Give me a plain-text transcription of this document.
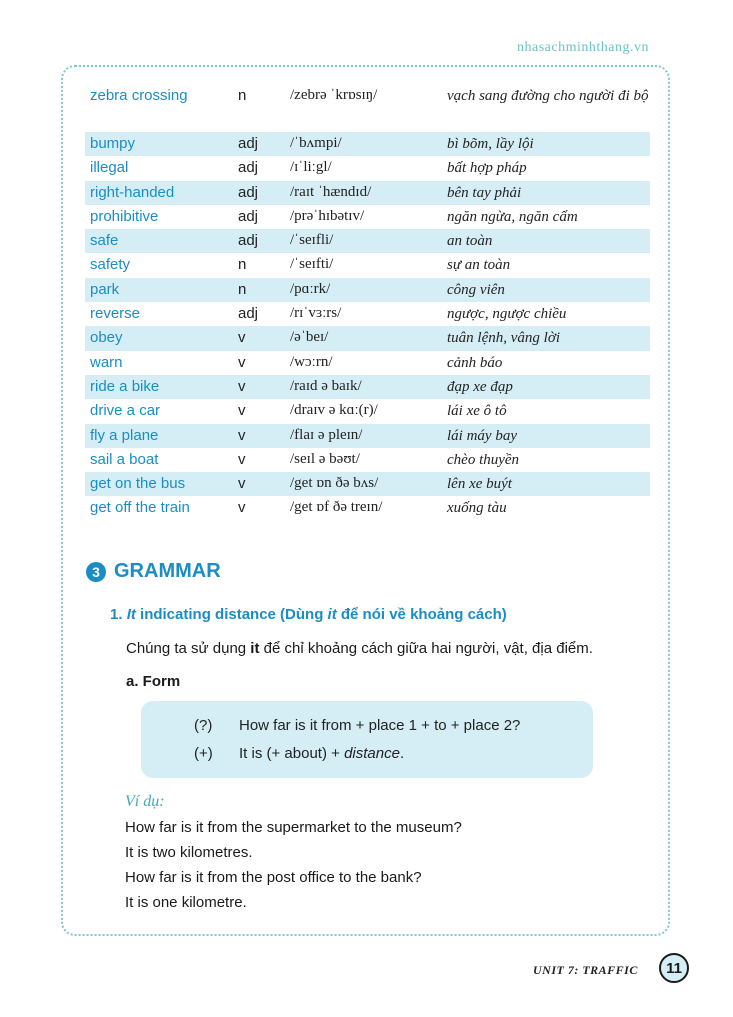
nhasachminhthang.vn
zebra crossing	n	/zebrə ˈkrɒsɪŋ/	vạch sang đường cho người đi bộ
bumpy	adj /ˈbʌmpi/	bì bõm, lầy lội
illegal	adj /ɪˈliːgl/	bất hợp pháp
right-handed	adj /raɪt ˈhændɪd/	bên tay phải
prohibitive	adj /prəˈhɪbətɪv/	ngăn ngừa, ngăn cấm
safe	adj /ˈseɪfli/	an toàn
safety	n	/ˈseɪfti/	sự an toàn
park	n	/pɑːrk/	công viên
reverse	adj /rɪˈvɜːrs/	ngược, ngược chiều
obey	v	/əˈbeɪ/	tuân lệnh, vâng lời
warn	v	/wɔːrn/	cảnh báo
ride a bike	v	/raɪd ə baɪk/	đạp xe đạp
drive a car	v	/draɪv ə kɑː(r)/	lái xe ô tô
fly a plane	v	/flaɪ ə pleɪn/	lái máy bay
sail a boat	v	/seɪl ə bəʊt/	chèo thuyền
get on the bus	v	/get ɒn ðə bʌs/	lên xe buýt
get off the train	v	/get ɒf ðə treɪn/	xuống tàu
3 GRAMMAR
1. It indicating distance (Dùng it để nói về khoảng cách)
Chúng ta sử dụng it để chỉ khoảng cách giữa hai người, vật, địa điểm.
a. Form
(?) How far is it from + place 1 + to + place 2?
(+) It is (+ about) + distance.
Ví dụ:
How far is it from the supermarket to the museum?
It is two kilometres.
How far is it from the post office to the bank?
It is one kilometre.
UNIT 7: TRAFFIC	11
